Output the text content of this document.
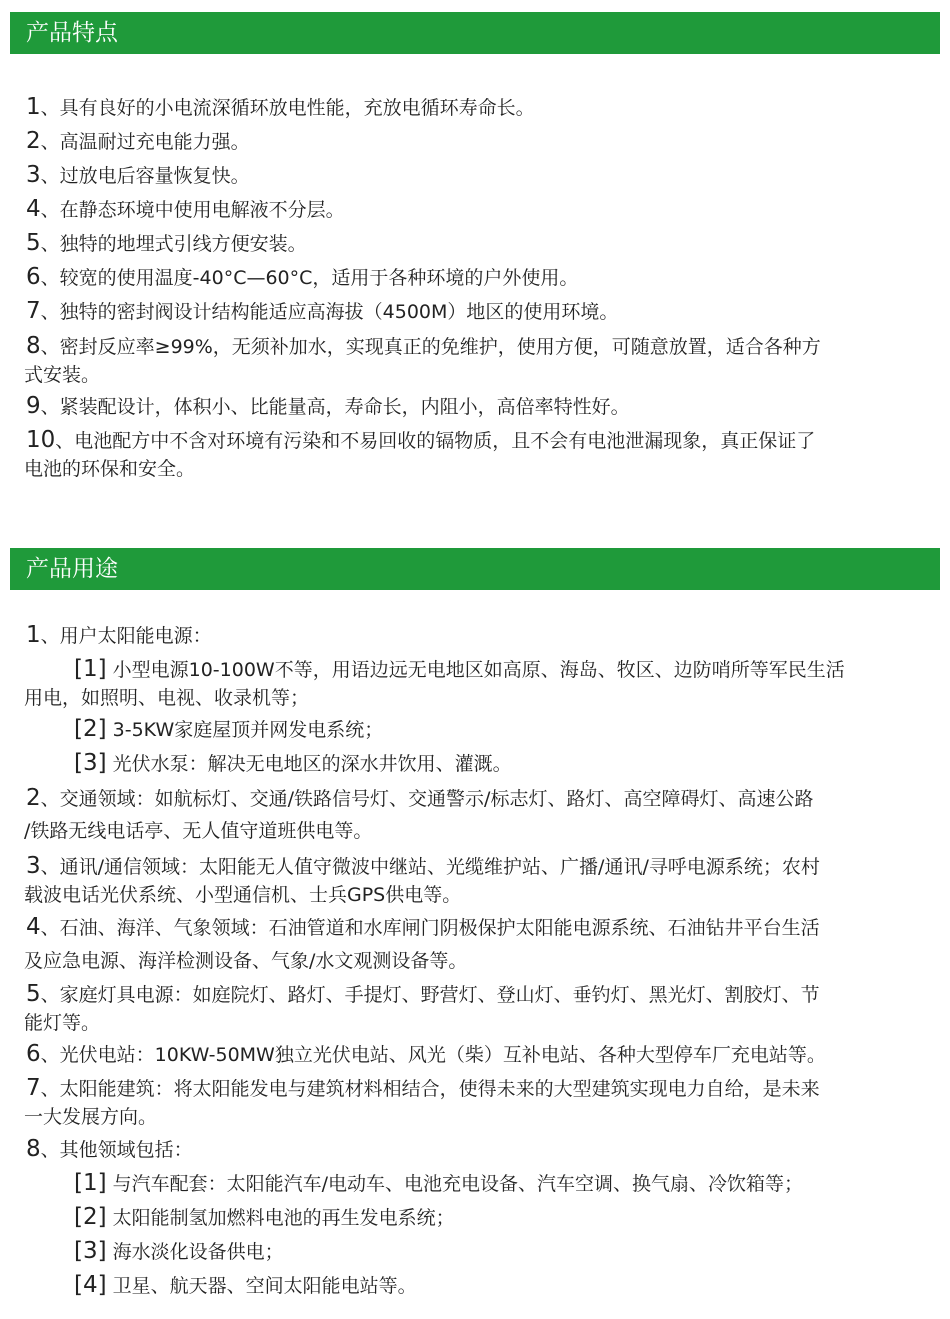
产品特点
1、具有良好的小电流深循环放电性能，充放电循环寿命长。
2、高温耐过充电能力强。
3、过放电后容量恢复快。
4、在静态环境中使用电解液不分层。
5、独特的地埋式引线方便安装。
6、较宽的使用温度-40°C—60°C，适用于各种环境的户外使用。
7、独特的密封阀设计结构能适应高海拔（4500M）地区的使用环境。
8、密封反应率≥99%，无须补加水，实现真正的免维护，使用方便，可随意放置，适合各种方
式安装。
9、紧装配设计，体积小、比能量高，寿命长，内阻小，高倍率特性好。
10、电池配方中不含对环境有污染和不易回收的镉物质，且不会有电池泄漏现象，真正保证了
电池的环保和安全。
产品用途
1、用户太阳能电源：
[1] 小型电源10-100W不等，用语边远无电地区如高原、海岛、牧区、边防哨所等军民生活
用电，如照明、电视、收录机等；
[2] 3-5KW家庭屋顶并网发电系统；
[3] 光伏水泵：解决无电地区的深水井饮用、灌溉。
2、交通领域：如航标灯、交通/铁路信号灯、交通警示/标志灯、路灯、高空障碍灯、高速公路
/铁路无线电话亭、无人值守道班供电等。
3、通讯/通信领域：太阳能无人值守微波中继站、光缆维护站、广播/通讯/寻呼电源系统；农村
载波电话光伏系统、小型通信机、士兵GPS供电等。
4、石油、海洋、气象领域：石油管道和水库闸门阴极保护太阳能电源系统、石油钻井平台生活
及应急电源、海洋检测设备、气象/水文观测设备等。
5、家庭灯具电源：如庭院灯、路灯、手提灯、野营灯、登山灯、垂钓灯、黑光灯、割胶灯、节
能灯等。
6、光伏电站：10KW-50MW独立光伏电站、风光（柴）互补电站、各种大型停车厂充电站等。
7、太阳能建筑：将太阳能发电与建筑材料相结合，使得未来的大型建筑实现电力自给，是未来
一大发展方向。
8、其他领域包括：
[1] 与汽车配套：太阳能汽车/电动车、电池充电设备、汽车空调、换气扇、冷饮箱等；
[2] 太阳能制氢加燃料电池的再生发电系统；
[3] 海水淡化设备供电；
[4] 卫星、航天器、空间太阳能电站等。
